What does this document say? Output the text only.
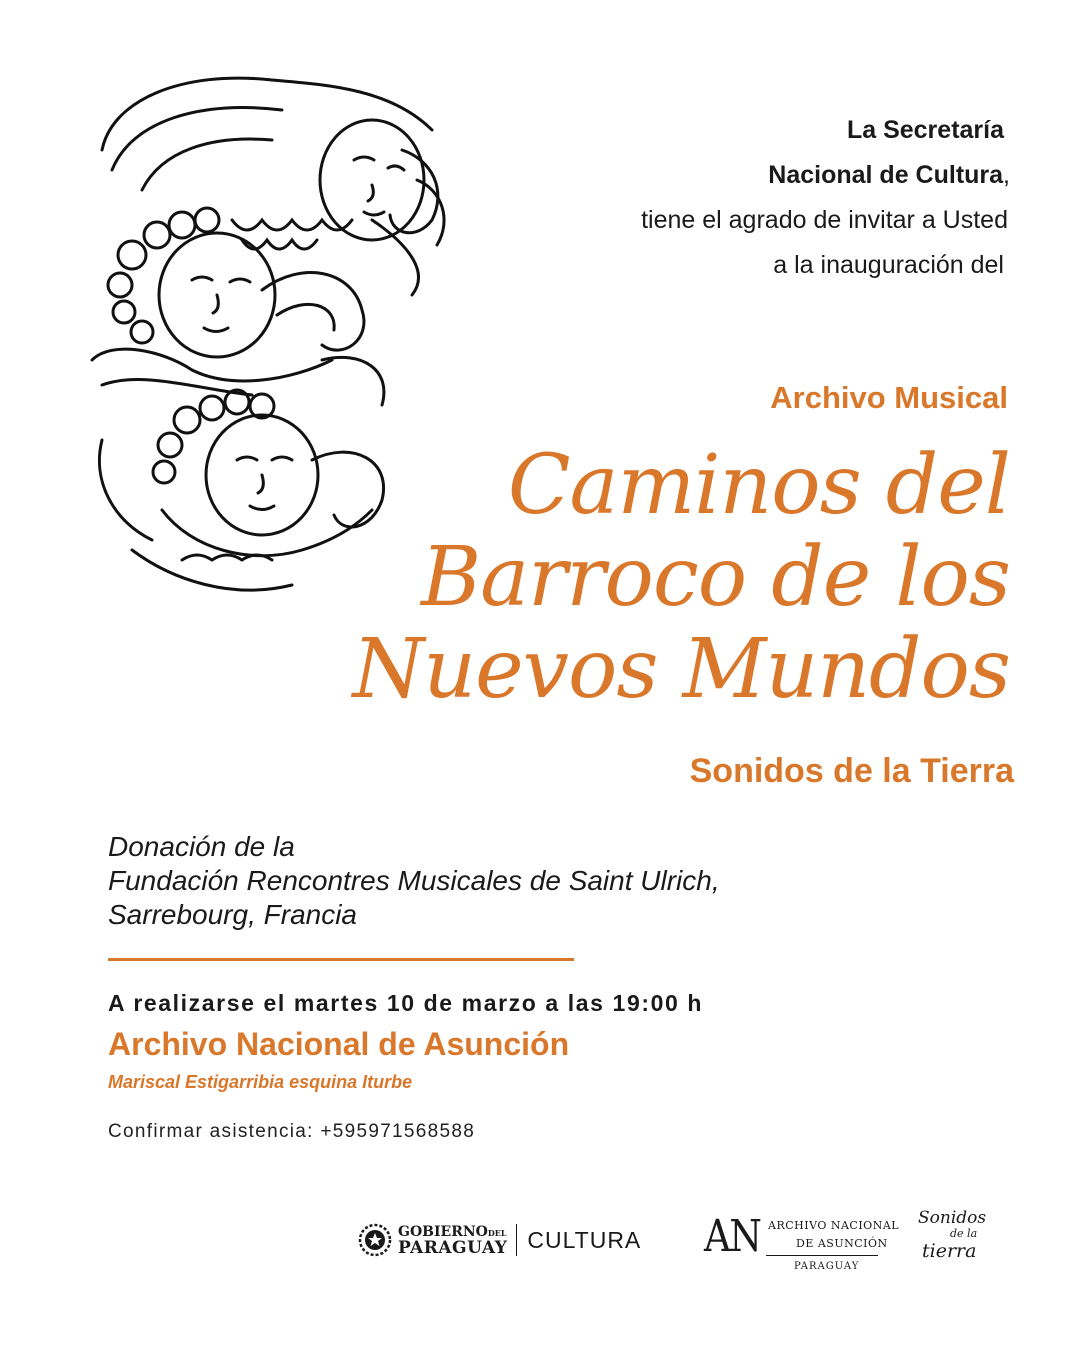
La Secretaría
Nacional de Cultura,
tiene el agrado de invitar a Usted
a la inauguración del
Archivo Musical
Caminos del
Barroco de los
Nuevos Mundos
Sonidos de la Tierra
Donación de la
Fundación Rencontres Musicales de Saint Ulrich,
Sarrebourg, Francia
A realizarse el martes 10 de marzo a las 19:00 h
Archivo Nacional de Asunción
Mariscal Estigarribia esquina Iturbe
Confirmar asistencia: +595971568588
GOBIERNODEL
PARAGUAY CULTURA AN ARCHIVO NACIONAL
DE ASUNCIÓN
PARAGUAY
Sonidos
de la
tierra
